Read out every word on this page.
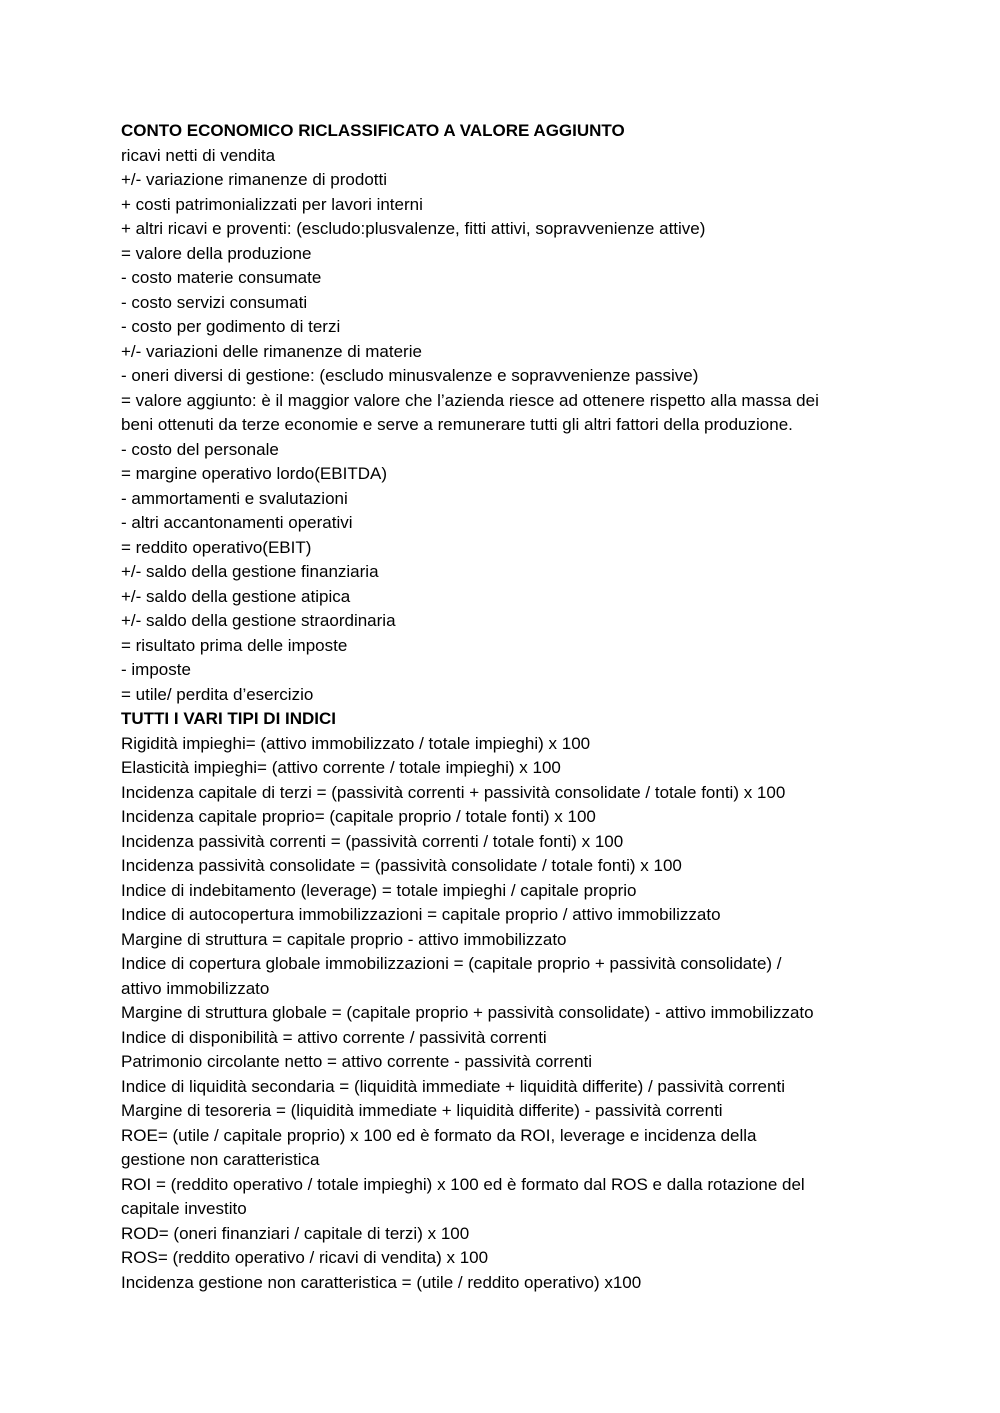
CONTO ECONOMICO RICLASSIFICATO A VALORE AGGIUNTO

ricavi netti di vendita

+/- variazione rimanenze di prodotti

+ costi patrimonializzati per lavori interni

+ altri ricavi e proventi: (escludo:plusvalenze, fitti attivi, sopravvenienze attive)

= valore della produzione

- costo materie consumate

- costo servizi consumati

- costo per godimento di terzi

+/- variazioni delle rimanenze di materie

- oneri diversi di gestione: (escludo minusvalenze e sopravvenienze passive)

= valore aggiunto: è il maggior valore che l’azienda riesce ad ottenere rispetto alla massa dei

beni ottenuti da terze economie e serve a remunerare tutti gli altri fattori della produzione.

- costo del personale

= margine operativo lordo(EBITDA)

- ammortamenti e svalutazioni

- altri accantonamenti operativi

= reddito operativo(EBIT)

+/- saldo della gestione finanziaria

+/- saldo della gestione atipica

+/- saldo della gestione straordinaria

= risultato prima delle imposte

- imposte

= utile/ perdita d’esercizio

TUTTI I VARI TIPI DI INDICI

Rigidità impieghi= (attivo immobilizzato / totale impieghi) x 100

Elasticità impieghi= (attivo corrente / totale impieghi) x 100

Incidenza capitale di terzi = (passività correnti + passività consolidate / totale fonti) x 100

Incidenza capitale proprio= (capitale proprio / totale fonti) x 100

Incidenza passività correnti = (passività correnti / totale fonti) x 100

Incidenza passività consolidate = (passività consolidate / totale fonti) x 100

Indice di indebitamento (leverage) = totale impieghi / capitale proprio

Indice di autocopertura immobilizzazioni = capitale proprio / attivo immobilizzato

Margine di struttura = capitale proprio - attivo immobilizzato

Indice di copertura globale immobilizzazioni = (capitale proprio + passività consolidate) /

attivo immobilizzato

Margine di struttura globale = (capitale proprio + passività consolidate) - attivo immobilizzato

Indice di disponibilità = attivo corrente / passività correnti

Patrimonio circolante netto = attivo corrente - passività correnti

Indice di liquidità secondaria = (liquidità immediate + liquidità differite) / passività correnti

Margine di tesoreria = (liquidità immediate + liquidità differite) - passività correnti

ROE= (utile / capitale proprio) x 100 ed è formato da ROI, leverage e incidenza della

gestione non caratteristica

ROI = (reddito operativo / totale impieghi) x 100 ed è formato dal ROS e dalla rotazione del

capitale investito

ROD= (oneri finanziari / capitale di terzi) x 100

ROS= (reddito operativo / ricavi di vendita) x 100

Incidenza gestione non caratteristica = (utile / reddito operativo) x100
